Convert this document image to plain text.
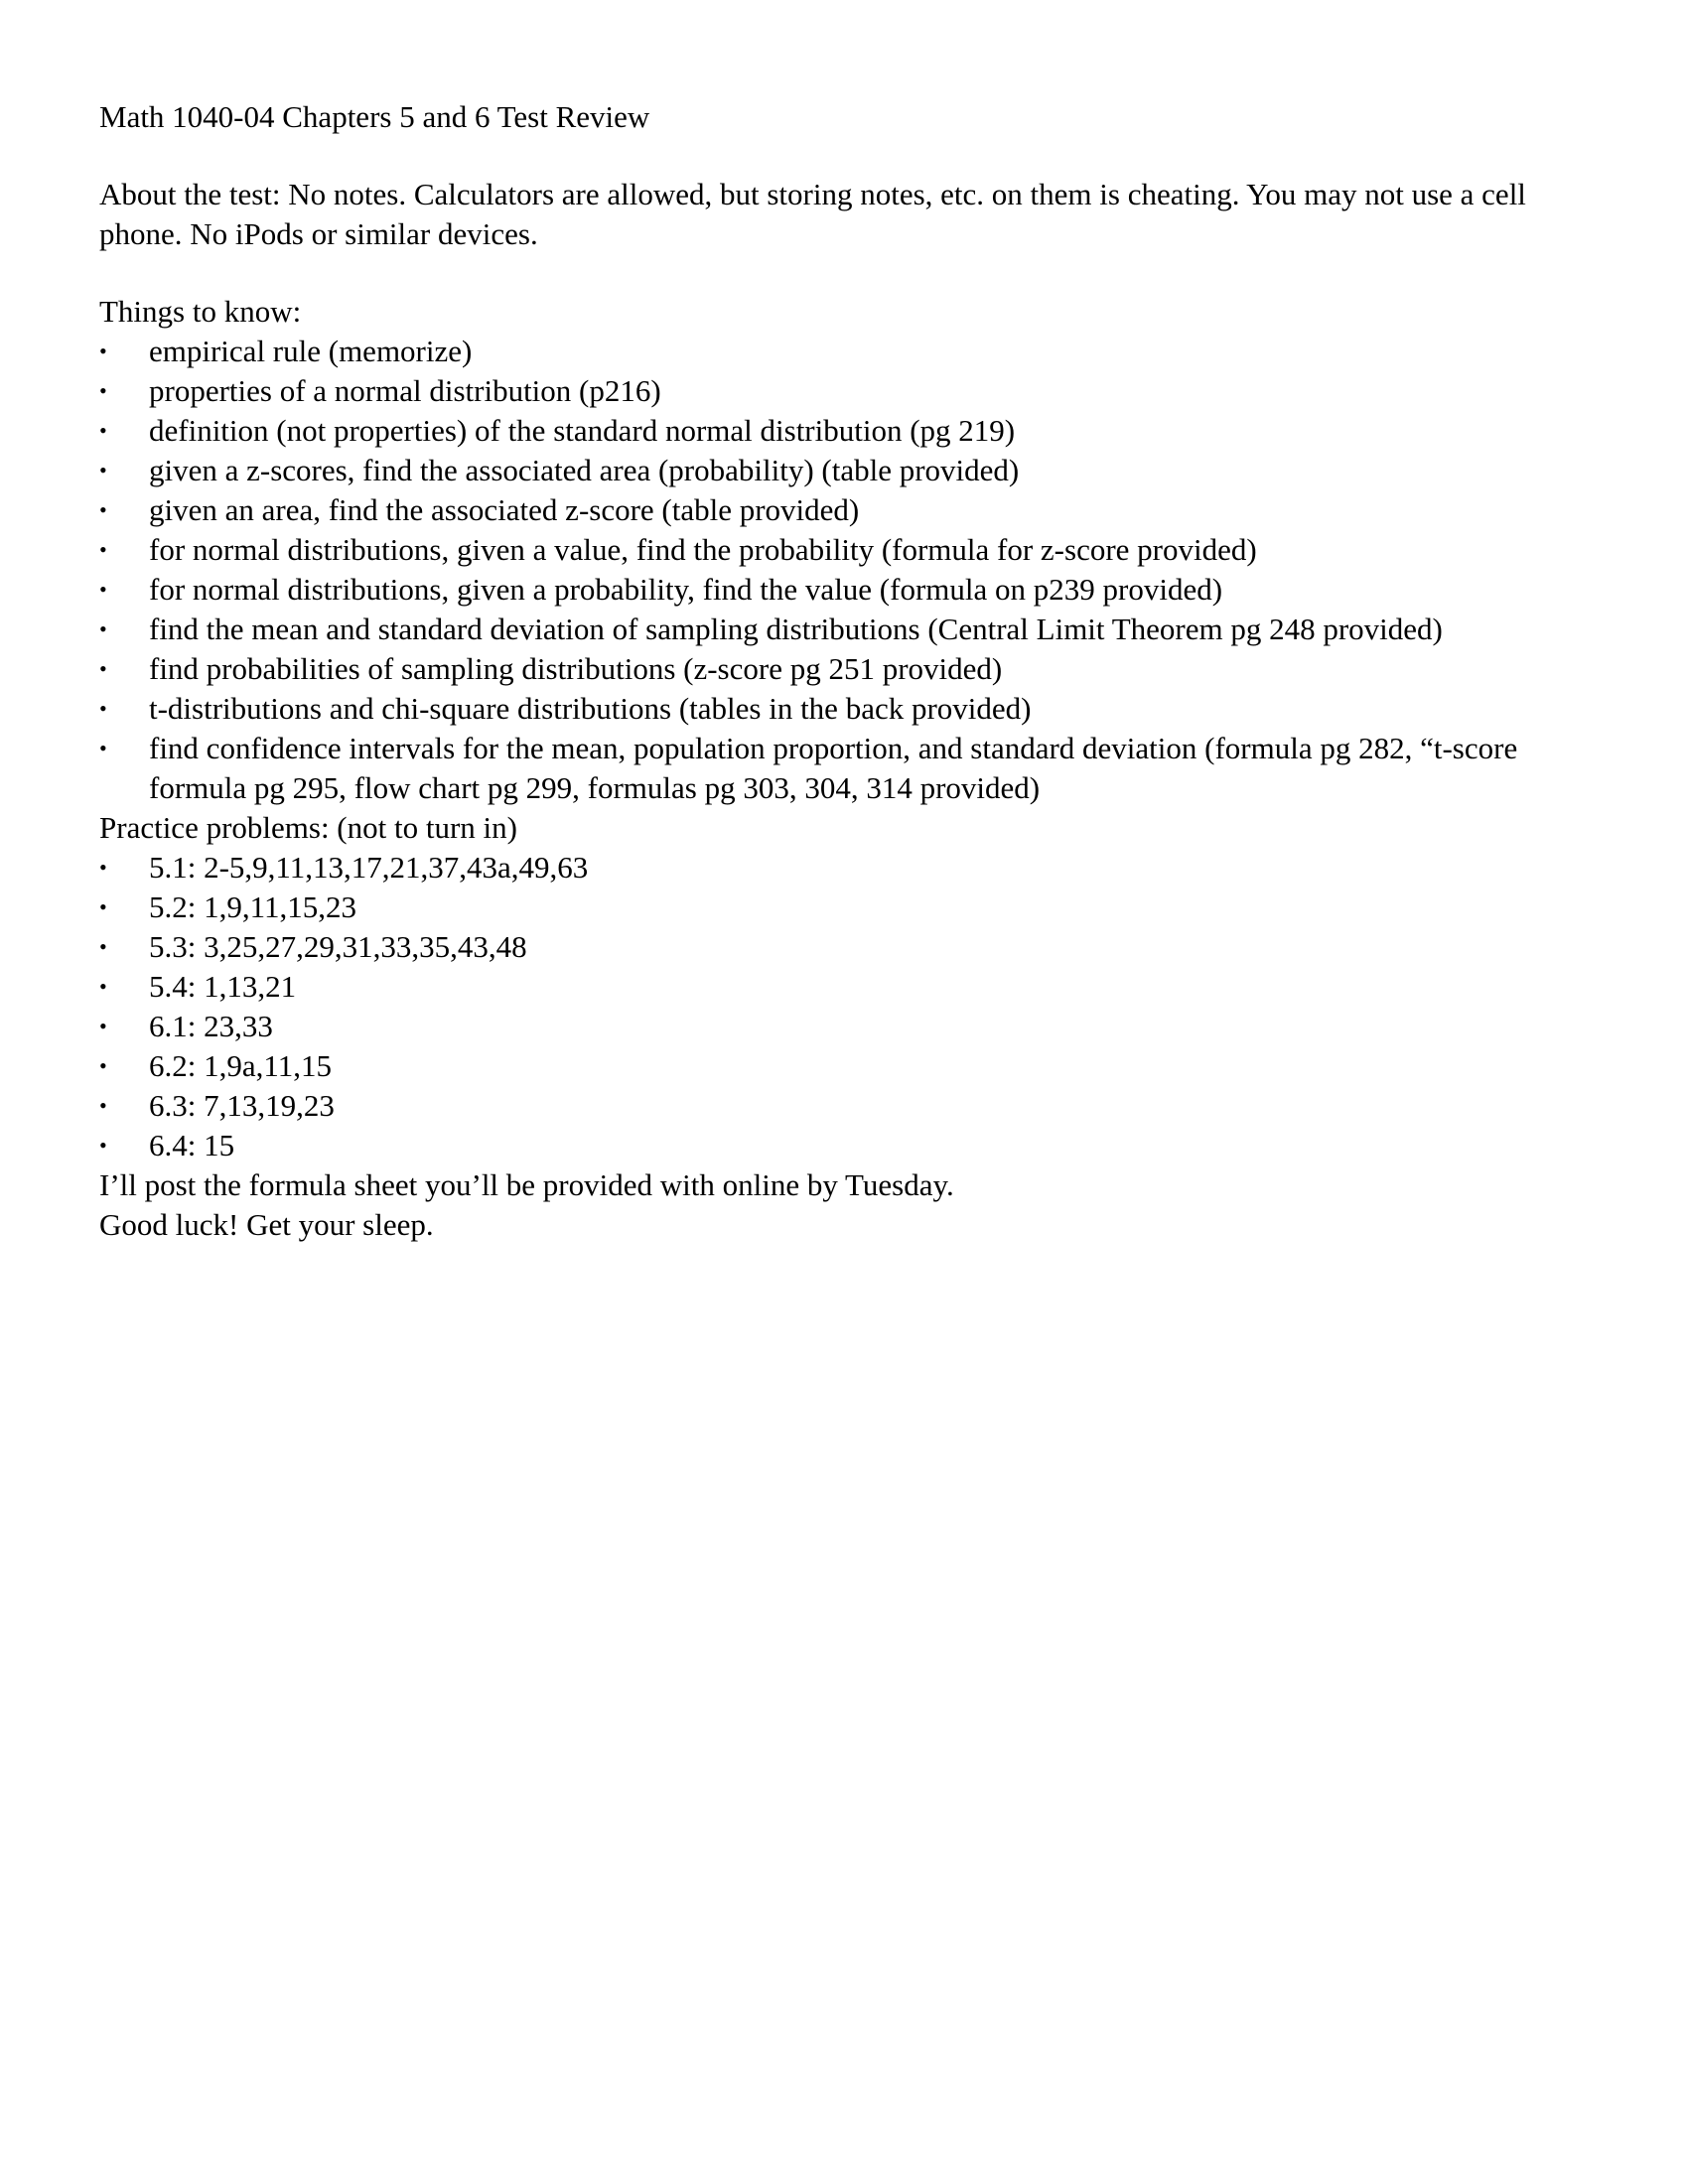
Math 1040-04 Chapters 5 and 6 Test Review

About the test: No notes. Calculators are allowed, but storing notes, etc. on them is cheating. You may not use a cell phone. No iPods or similar devices.

Things to know:

•	empirical rule (memorize)
•	properties of a normal distribution (p216)
•	definition (not properties) of the standard normal distribution (pg 219)
•	given a z-scores, find the associated area (probability) (table provided)
•	given an area, find the associated z-score (table provided)
•	for normal distributions, given a value, find the probability (formula for z-score provided)
•	for normal distributions, given a probability, find the value (formula on p239 provided)
•	find the mean and standard deviation of sampling distributions (Central Limit Theorem pg 248 provided)
•	find probabilities of sampling distributions (z-score pg 251 provided)
•	t-distributions and chi-square distributions (tables in the back provided)
•	find confidence intervals for the mean, population proportion, and standard deviation (formula pg 282, “t-score formula pg 295, flow chart pg 299, formulas pg 303, 304, 314 provided)

Practice problems: (not to turn in)

•	5.1: 2-5,9,11,13,17,21,37,43a,49,63
•	5.2: 1,9,11,15,23
•	5.3: 3,25,27,29,31,33,35,43,48
•	5.4: 1,13,21
•	6.1: 23,33
•	6.2: 1,9a,11,15
•	6.3: 7,13,19,23
•	6.4: 15

I’ll post the formula sheet you’ll be provided with online by Tuesday.

Good luck! Get your sleep.
